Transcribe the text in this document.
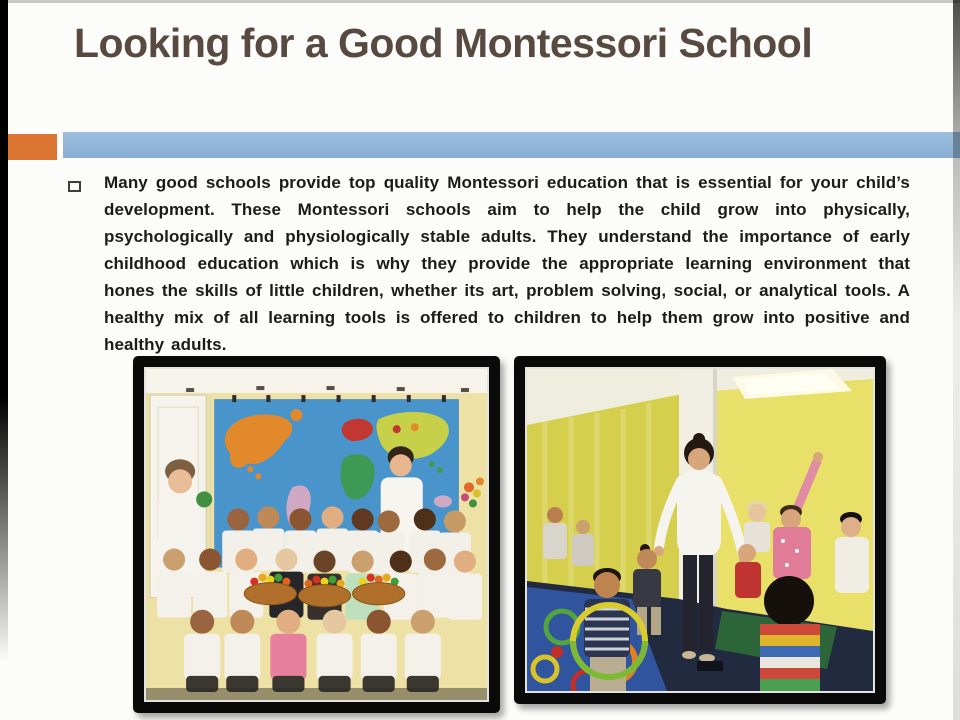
Looking for a Good Montessori School
Many good schools provide top quality Montessori education that is essential for your child’s development. These Montessori schools aim to help the child grow into physically, psychologically and physiologically stable adults. They understand the importance of early childhood education which is why they provide the appropriate learning environment that hones the skills of little children, whether its art, problem solving, social, or analytical tools. A healthy mix of all learning tools is offered to children to help them grow into positive and healthy adults.
